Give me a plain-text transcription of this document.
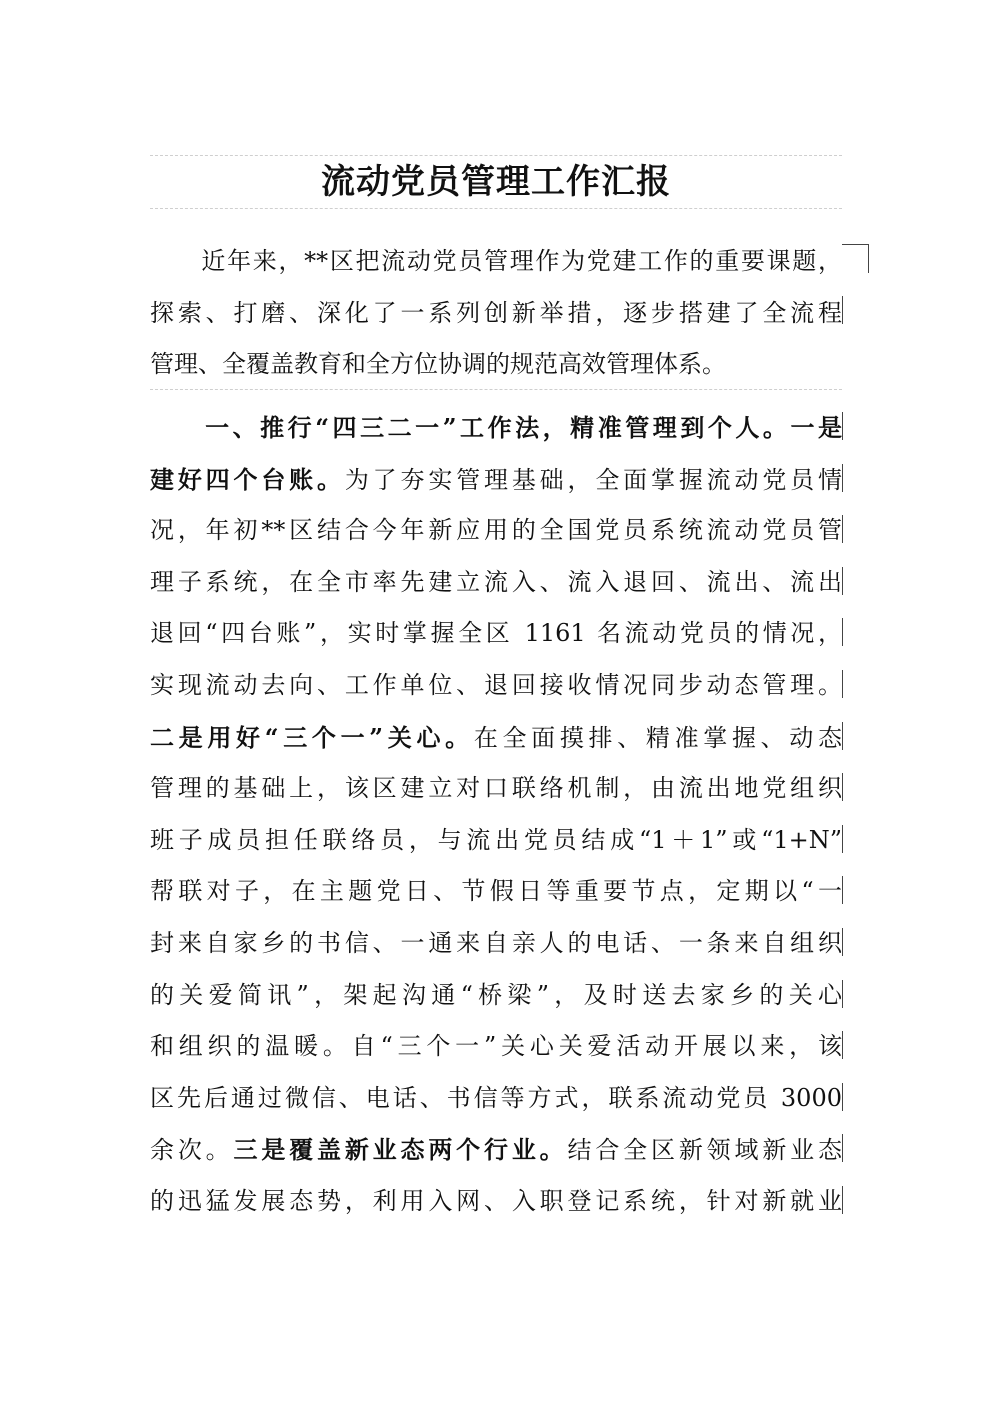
流动党员管理工作汇报
　　近年来，**区把流动党员管理作为党建工作的重要课题，
探索、打磨、深化了一系列创新举措，逐步搭建了全流程
管理、全覆盖教育和全方位协调的规范高效管理体系。
　　一、推行“四三二一”工作法，精准管理到个人。一是
建好四个台账。为了夯实管理基础，全面掌握流动党员情
况，年初**区结合今年新应用的全国党员系统流动党员管
理子系统，在全市率先建立流入、流入退回、流出、流出
退回“四台账”，实时掌握全区 1161 名流动党员的情况，
实现流动去向、工作单位、退回接收情况同步动态管理。
二是用好“三个一”关心。在全面摸排、精准掌握、动态
管理的基础上，该区建立对口联络机制，由流出地党组织
班子成员担任联络员，与流出党员结成“1＋1”或“1+N”
帮联对子，在主题党日、节假日等重要节点，定期以“一
封来自家乡的书信、一通来自亲人的电话、一条来自组织
的关爱简讯”，架起沟通“桥梁”，及时送去家乡的关心
和组织的温暖。自“三个一”关心关爱活动开展以来，该
区先后通过微信、电话、书信等方式，联系流动党员 3000
余次。三是覆盖新业态两个行业。结合全区新领域新业态
的迅猛发展态势，利用入网、入职登记系统，针对新就业
